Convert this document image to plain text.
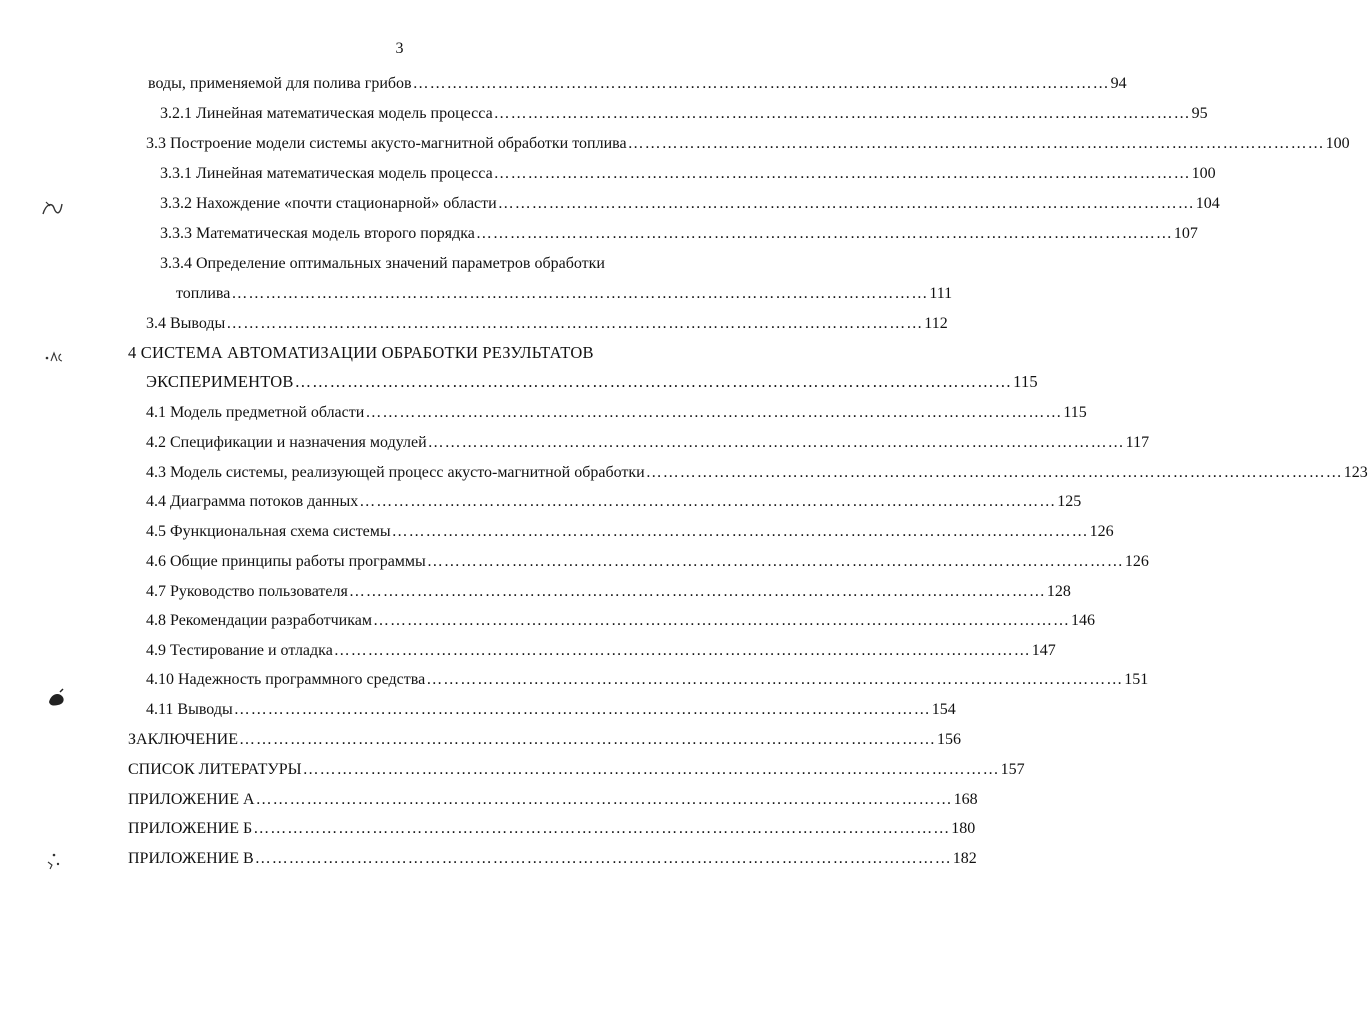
3
воды, применяемой для полива грибов …………………………………………………………………………………………………………… 94
3.2.1 Линейная математическая модель процесса …………………………………………………………………………………………………………… 95
3.3 Построение модели системы акусто-магнитной обработки топлива …………………………………………………………………………………………………………… 100
3.3.1 Линейная математическая модель процесса …………………………………………………………………………………………………………… 100
3.3.2 Нахождение «почти стационарной» области …………………………………………………………………………………………………………… 104
3.3.3 Математическая модель второго порядка …………………………………………………………………………………………………………… 107
3.3.4 Определение оптимальных значений параметров обработки
топлива …………………………………………………………………………………………………………… 111
3.4 Выводы …………………………………………………………………………………………………………… 112
4 СИСТЕМА АВТОМАТИЗАЦИИ ОБРАБОТКИ РЕЗУЛЬТАТОВ
ЭКСПЕРИМЕНТОВ …………………………………………………………………………………………………………… 115
4.1 Модель предметной области …………………………………………………………………………………………………………… 115
4.2 Спецификации и назначения модулей …………………………………………………………………………………………………………… 117
4.3 Модель системы, реализующей процесс акусто-магнитной обработки …………………………………………………………………………………………………………… 123
4.4 Диаграмма потоков данных …………………………………………………………………………………………………………… 125
4.5 Функциональная схема системы …………………………………………………………………………………………………………… 126
4.6 Общие принципы работы программы …………………………………………………………………………………………………………… 126
4.7 Руководство пользователя …………………………………………………………………………………………………………… 128
4.8 Рекомендации разработчикам …………………………………………………………………………………………………………… 146
4.9 Тестирование и отладка …………………………………………………………………………………………………………… 147
4.10 Надежность программного средства …………………………………………………………………………………………………………… 151
4.11 Выводы …………………………………………………………………………………………………………… 154
ЗАКЛЮЧЕНИЕ …………………………………………………………………………………………………………… 156
СПИСОК ЛИТЕРАТУРЫ …………………………………………………………………………………………………………… 157
ПРИЛОЖЕНИЕ А …………………………………………………………………………………………………………… 168
ПРИЛОЖЕНИЕ Б …………………………………………………………………………………………………………… 180
ПРИЛОЖЕНИЕ В …………………………………………………………………………………………………………… 182
